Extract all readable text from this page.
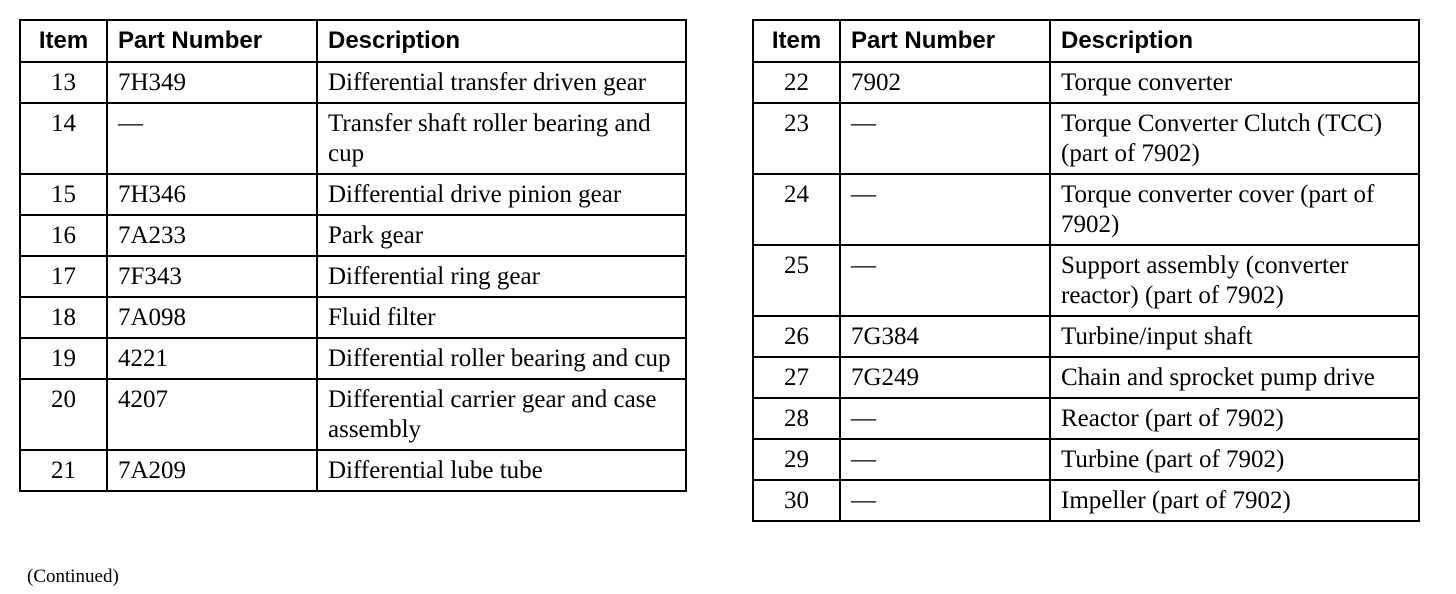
Item	Part Number	Description
13	7H349	Differential transfer driven gear
14	—	Transfer shaft roller bearing and cup
15	7H346	Differential drive pinion gear
16	7A233	Park gear
17	7F343	Differential ring gear
18	7A098	Fluid filter
19	4221	Differential roller bearing and cup
20	4207	Differential carrier gear and case assembly
21	7A209	Differential lube tube
Item	Part Number	Description
22	7902	Torque converter
23	—	Torque Converter Clutch (TCC) (part of 7902)
24	—	Torque converter cover (part of 7902)
25	—	Support assembly (converter reactor) (part of 7902)
26	7G384	Turbine/input shaft
27	7G249	Chain and sprocket pump drive
28	—	Reactor (part of 7902)
29	—	Turbine (part of 7902)
30	—	Impeller (part of 7902)
(Continued)
